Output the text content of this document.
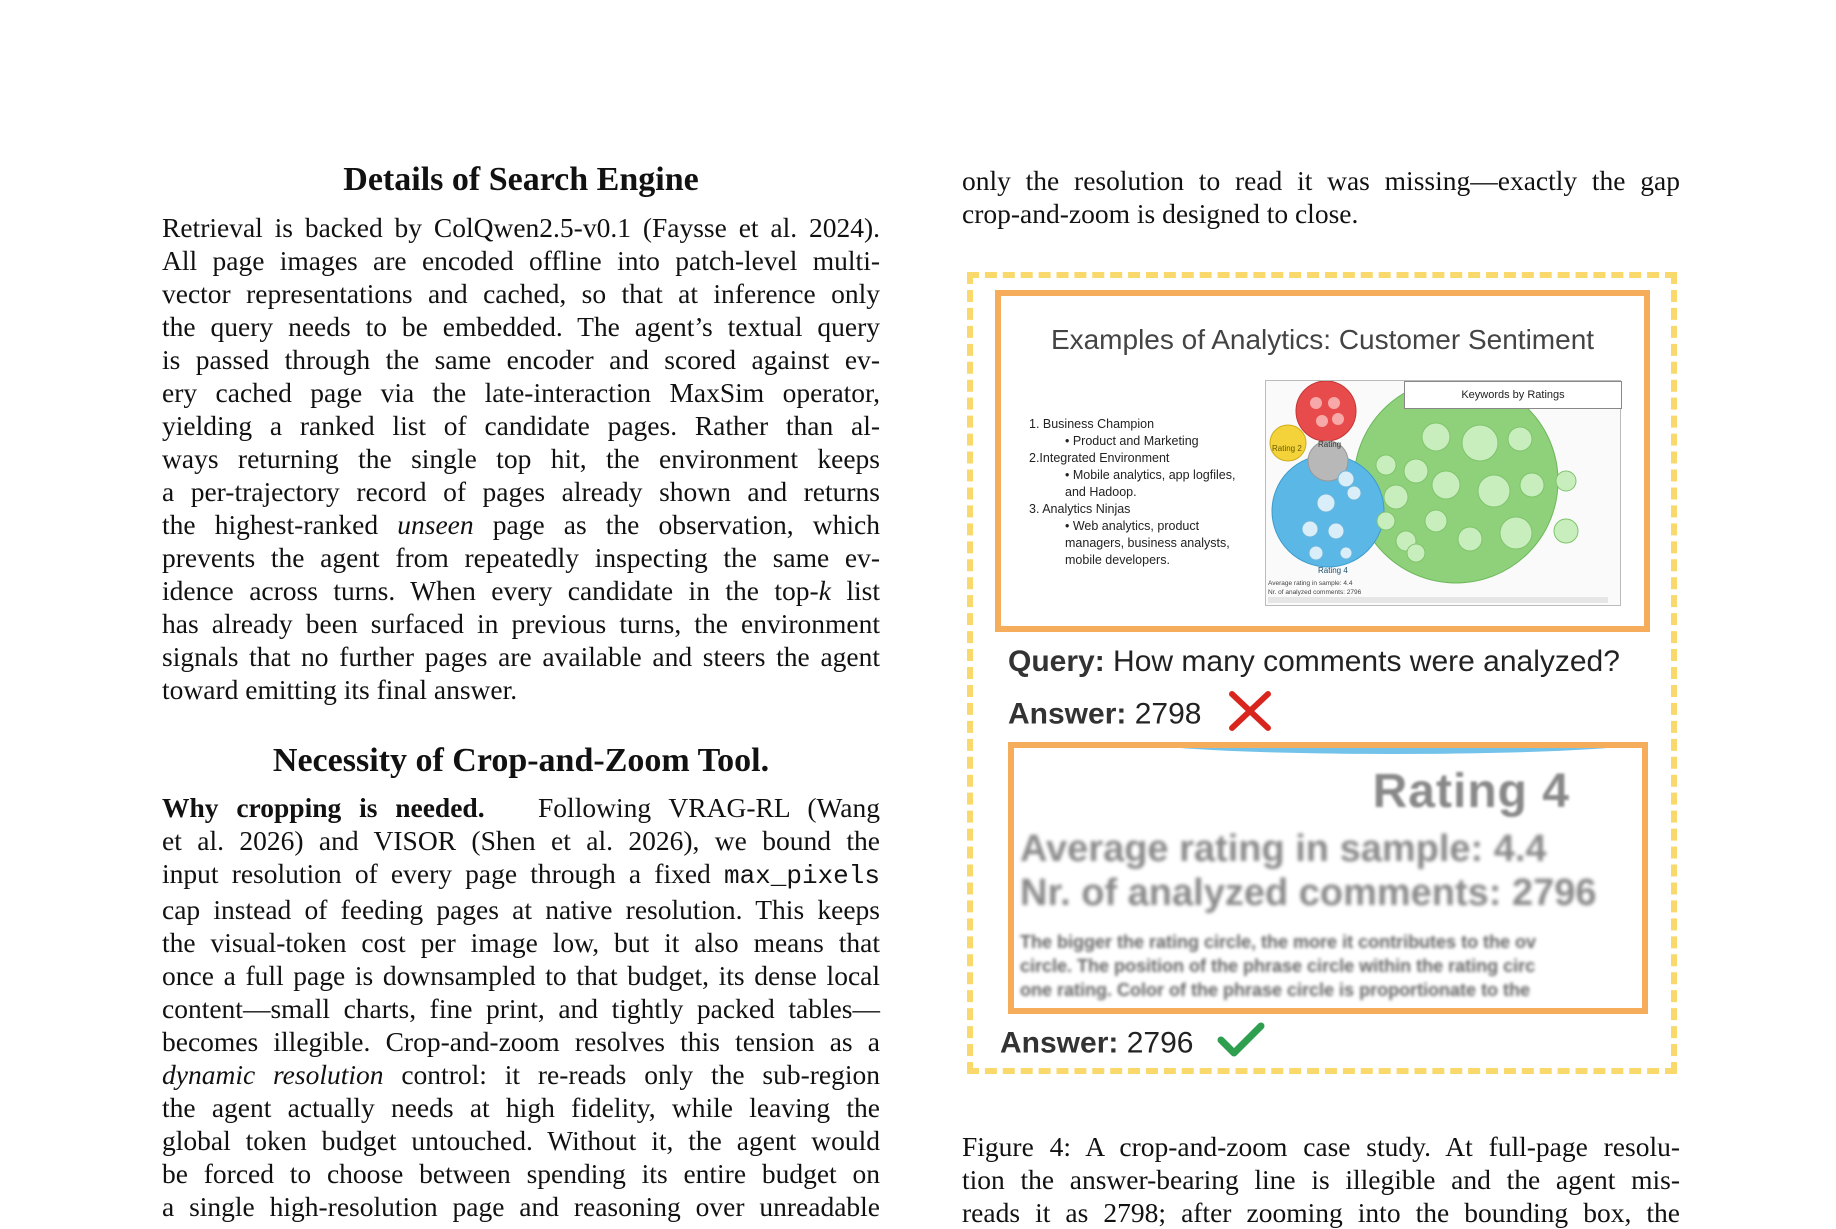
Details of Search Engine
Retrieval is backed by ColQwen2.5-v0.1 (Faysse et al. 2024).
All page images are encoded offline into patch-level multi-
vector representations and cached, so that at inference only
the query needs to be embedded. The agent’s textual query
is passed through the same encoder and scored against ev-
ery cached page via the late-interaction MaxSim operator,
yielding a ranked list of candidate pages. Rather than al-
ways returning the single top hit, the environment keeps
a per-trajectory record of pages already shown and returns
the highest-ranked unseen page as the observation, which
prevents the agent from repeatedly inspecting the same ev-
idence across turns. When every candidate in the top-k list
has already been surfaced in previous turns, the environment
signals that no further pages are available and steers the agent
toward emitting its final answer.
Necessity of Crop-and-Zoom Tool.
Why cropping is needed. Following VRAG-RL (Wang
et al. 2026) and VISOR (Shen et al. 2026), we bound the
input resolution of every page through a fixed max_pixels
cap instead of feeding pages at native resolution. This keeps
the visual-token cost per image low, but it also means that
once a full page is downsampled to that budget, its dense local
content—small charts, fine print, and tightly packed tables—
becomes illegible. Crop-and-zoom resolves this tension as a
dynamic resolution control: it re-reads only the sub-region
the agent actually needs at high fidelity, while leaving the
global token budget untouched. Without it, the agent would
be forced to choose between spending its entire budget on
a single high-resolution page and reasoning over unreadable
only the resolution to read it was missing—exactly the gap
crop-and-zoom is designed to close.
Examples of Analytics: Customer Sentiment
1. Business Champion
• Product and Marketing
2.Integrated Environment
• Mobile analytics, app logfiles,
and Hadoop.
3. Analytics Ninjas
• Web analytics, product
managers, business analysts,
mobile developers.
Rating 2 Rating
Rating 4
Average rating in sample: 4.4
Nr. of analyzed comments: 2796
Keywords by Ratings
Query: How many comments were analyzed?
Answer: 2798
Rating 4
Average rating in sample: 4.4
Nr. of analyzed comments: 2796
The bigger the rating circle, the more it contributes to the ov
circle. The position of the phrase circle within the rating circ
one rating. Color of the phrase circle is proportionate to the
Answer: 2796
Figure 4: A crop-and-zoom case study. At full-page resolu-
tion the answer-bearing line is illegible and the agent mis-
reads it as 2798; after zooming into the bounding box, the
